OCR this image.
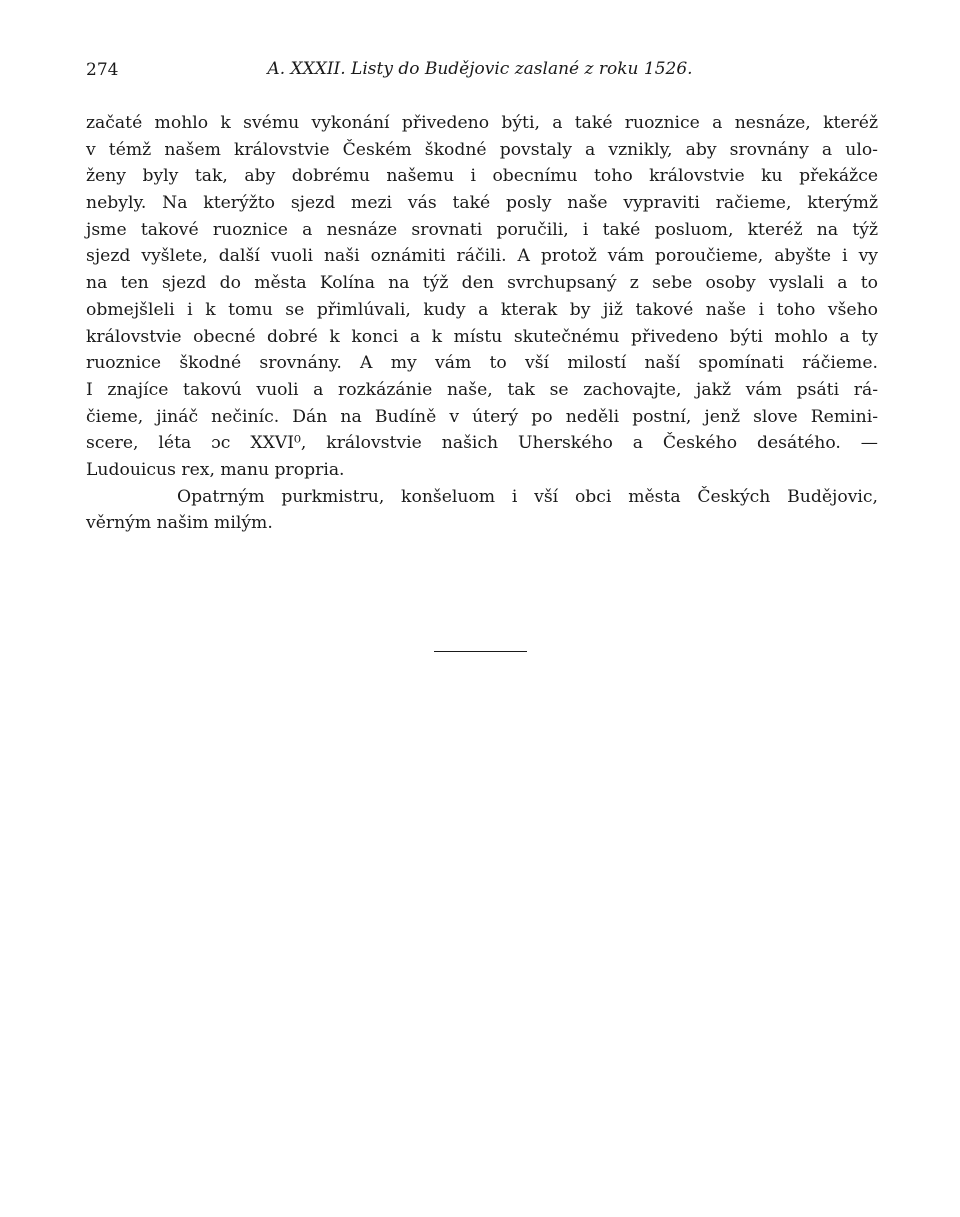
274	A. XXXII. Listy do Budějovic zaslané z roku 1526.
začaté mohlo k svému vykonání přivedeno býti, a také ruoznice a nesnáze, kteréž
v témž našem královstvie Českém škodné povstaly a vznikly, aby srovnány a ulo-
ženy byly tak, aby dobrému našemu i obecnímu toho královstvie ku překážce
nebyly. Na kterýžto sjezd mezi vás také posly naše vypraviti račieme, kterýmž
jsme takové ruoznice a nesnáze srovnati poručili, i také posluom, kteréž na týž
sjezd vyšlete, další vuoli naši oznámiti ráčili. A protož vám poroučieme, abyšte i vy
na ten sjezd do města Kolína na týž den svrchupsaný z sebe osoby vyslali a to
obmejšleli i k tomu se přimlúvali, kudy a kterak by již takové naše i toho všeho
královstvie obecné dobré k konci a k místu skutečnému přivedeno býti mohlo a ty
ruoznice škodné srovnány. A my vám to vší milostí naší spomínati ráčieme.
I znajíce takovú vuoli a rozkázánie naše, tak se zachovajte, jakž vám psáti rá-
čieme, jináč nečiníc. Dán na Budíně v úterý po neděli postní, jenž slove Remini-
scere, léta ɔc XXVI⁰, královstvie našich Uherského a Českého desátého. —
Ludouicus rex, manu propria.
Opatrným purkmistru, konšeluom i vší obci města Českých Budějovic,
věrným našim milým.
